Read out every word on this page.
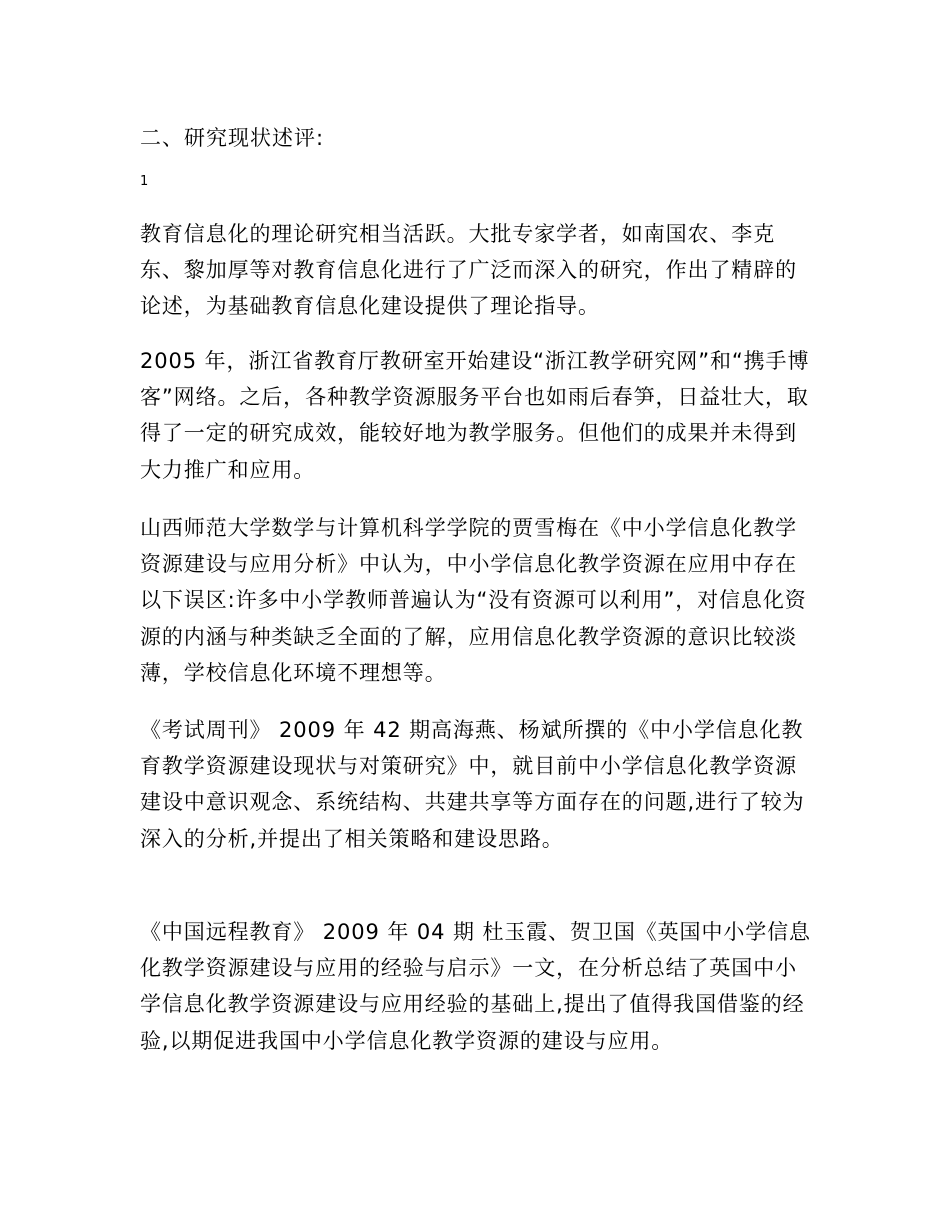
二、研究现状述评:
1

教育信息化的理论研究相当活跃。大批专家学者，如南国农、李克东、黎加厚等对教育信息化进行了广泛而深入的研究，作出了精辟的论述，为基础教育信息化建设提供了理论指导。

2005 年，浙江省教育厅教研室开始建设“浙江教学研究网”和“携手博客”网络。之后，各种教学资源服务平台也如雨后春笋，日益壮大，取得了一定的研究成效，能较好地为教学服务。但他们的成果并未得到大力推广和应用。

山西师范大学数学与计算机科学学院的贾雪梅在《中小学信息化教学资源建设与应用分析》中认为，中小学信息化教学资源在应用中存在以下误区:许多中小学教师普遍认为“没有资源可以利用”，对信息化资源的内涵与种类缺乏全面的了解，应用信息化教学资源的意识比较淡薄，学校信息化环境不理想等。

《考试周刊》 2009 年 42 期高海燕、杨斌所撰的《中小学信息化教育教学资源建设现状与对策研究》中，就目前中小学信息化教学资源建设中意识观念、系统结构、共建共享等方面存在的问题,进行了较为深入的分析,并提出了相关策略和建设思路。

《中国远程教育》 2009 年 04 期 杜玉霞、贺卫国《英国中小学信息化教学资源建设与应用的经验与启示》一文，在分析总结了英国中小学信息化教学资源建设与应用经验的基础上,提出了值得我国借鉴的经验,以期促进我国中小学信息化教学资源的建设与应用。
